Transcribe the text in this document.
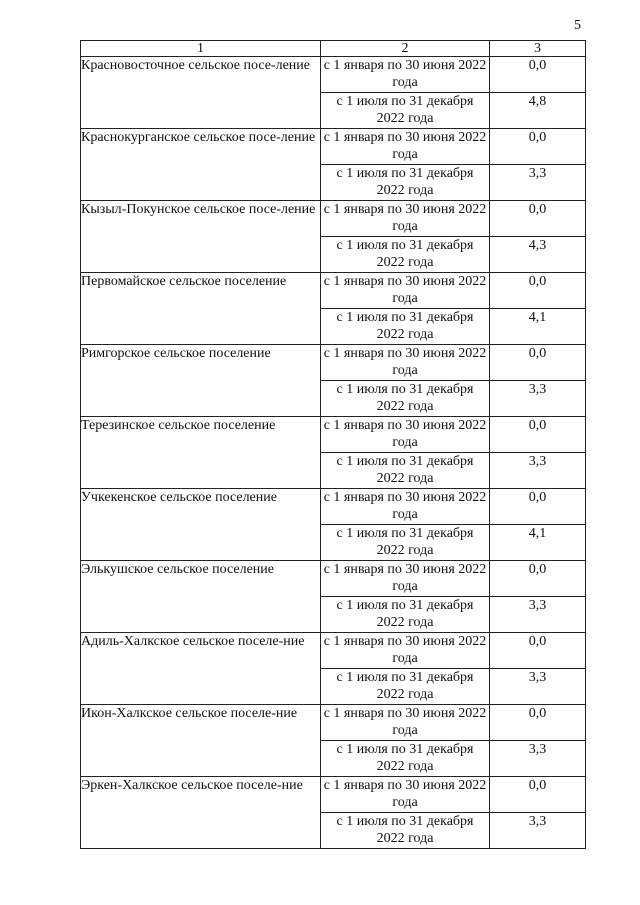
5
1	2	3
Красновосточное сельское посе-ление	с 1 января по 30 июня 2022 года	0,0
	с 1 июля по 31 декабря 2022 года	4,8
Краснокурганское сельское посе-ление	с 1 января по 30 июня 2022 года	0,0
	с 1 июля по 31 декабря 2022 года	3,3
Кызыл-Покунское сельское посе-ление	с 1 января по 30 июня 2022 года	0,0
	с 1 июля по 31 декабря 2022 года	4,3
Первомайское сельское поселение	с 1 января по 30 июня 2022 года	0,0
	с 1 июля по 31 декабря 2022 года	4,1
Римгорское сельское поселение	с 1 января по 30 июня 2022 года	0,0
	с 1 июля по 31 декабря 2022 года	3,3
Терезинское сельское поселение	с 1 января по 30 июня 2022 года	0,0
	с 1 июля по 31 декабря 2022 года	3,3
Учкекенское сельское поселение	с 1 января по 30 июня 2022 года	0,0
	с 1 июля по 31 декабря 2022 года	4,1
Элькушское сельское поселение	с 1 января по 30 июня 2022 года	0,0
	с 1 июля по 31 декабря 2022 года	3,3
Адиль-Халкское сельское поселе-ние	с 1 января по 30 июня 2022 года	0,0
	с 1 июля по 31 декабря 2022 года	3,3
Икон-Халкское сельское поселе-ние	с 1 января по 30 июня 2022 года	0,0
	с 1 июля по 31 декабря 2022 года	3,3
Эркен-Халкское сельское поселе-ние	с 1 января по 30 июня 2022 года	0,0
	с 1 июля по 31 декабря 2022 года	3,3
